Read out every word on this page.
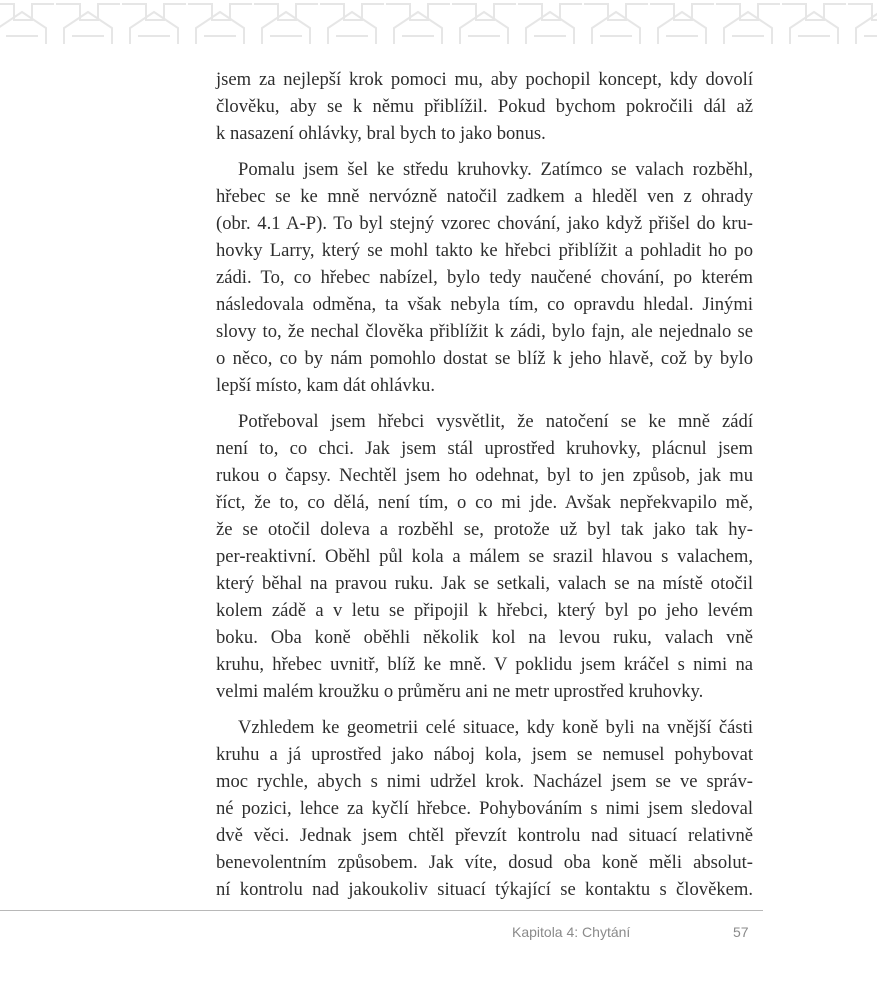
jsem za nejlepší krok pomoci mu, aby pochopil koncept, kdy dovolí
člověku, aby se k němu přiblížil. Pokud bychom pokročili dál až
k nasazení ohlávky, bral bych to jako bonus.

Pomalu jsem šel ke středu kruhovky. Zatímco se valach rozběhl,
hřebec se ke mně nervózně natočil zadkem a hleděl ven z ohrady
(obr. 4.1 A-P). To byl stejný vzorec chování, jako když přišel do kru-
hovky Larry, který se mohl takto ke hřebci přiblížit a pohladit ho po
zádi. To, co hřebec nabízel, bylo tedy naučené chování, po kterém
následovala odměna, ta však nebyla tím, co opravdu hledal. Jinými
slovy to, že nechal člověka přiblížit k zádi, bylo fajn, ale nejednalo se
o něco, co by nám pomohlo dostat se blíž k jeho hlavě, což by bylo
lepší místo, kam dát ohlávku.

Potřeboval jsem hřebci vysvětlit, že natočení se ke mně zádí
není to, co chci. Jak jsem stál uprostřed kruhovky, plácnul jsem
rukou o čapsy. Nechtěl jsem ho odehnat, byl to jen způsob, jak mu
říct, že to, co dělá, není tím, o co mi jde. Avšak nepřekvapilo mě,
že se otočil doleva a rozběhl se, protože už byl tak jako tak hy-
per-reaktivní. Oběhl půl kola a málem se srazil hlavou s valachem,
který běhal na pravou ruku. Jak se setkali, valach se na místě otočil
kolem zádě a v letu se připojil k hřebci, který byl po jeho levém
boku. Oba koně oběhli několik kol na levou ruku, valach vně
kruhu, hřebec uvnitř, blíž ke mně. V poklidu jsem kráčel s nimi na
velmi malém kroužku o průměru ani ne metr uprostřed kruhovky.

Vzhledem ke geometrii celé situace, kdy koně byli na vnější části
kruhu a já uprostřed jako náboj kola, jsem se nemusel pohybovat
moc rychle, abych s nimi udržel krok. Nacházel jsem se ve správ-
né pozici, lehce za kyčlí hřebce. Pohybováním s nimi jsem sledoval
dvě věci. Jednak jsem chtěl převzít kontrolu nad situací relativně
benevolentním způsobem. Jak víte, dosud oba koně měli absolut-
ní kontrolu nad jakoukoliv situací týkající se kontaktu s člověkem.

Kapitola 4: Chytání	57
